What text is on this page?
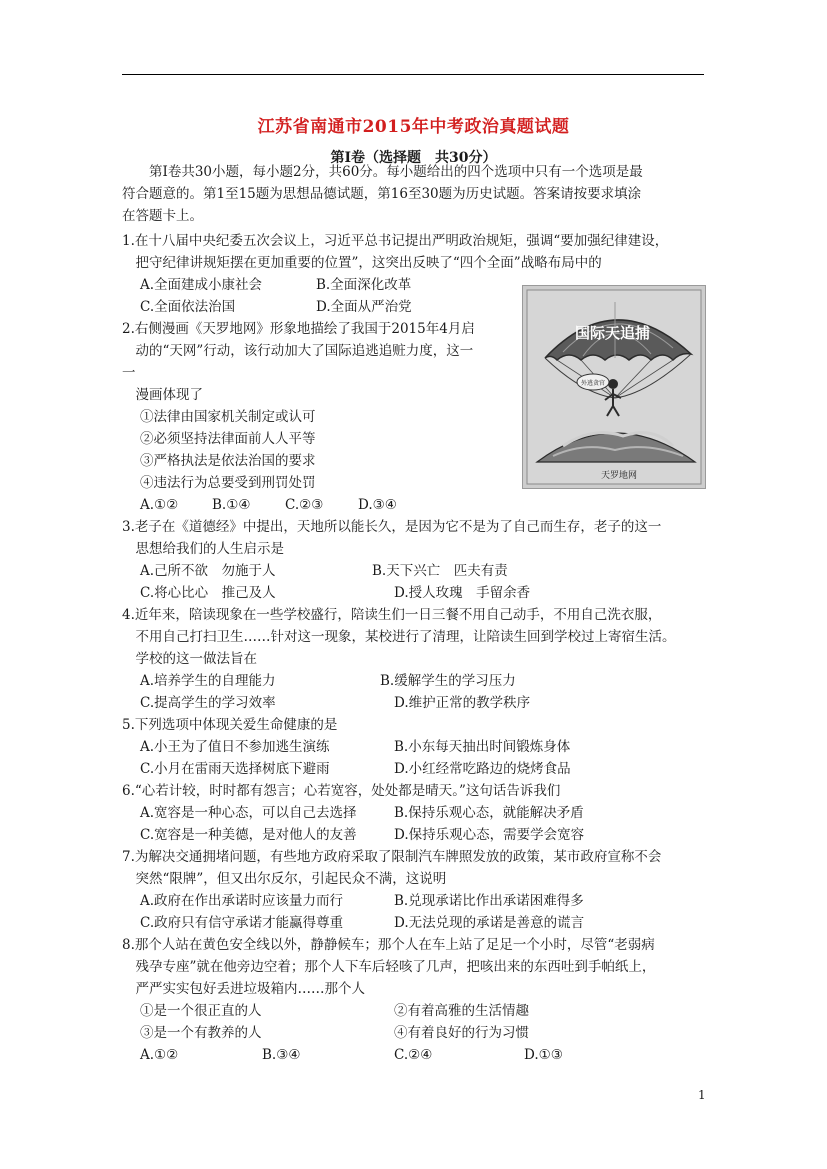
江苏省南通市2015年中考政治真题试题
第Ⅰ卷（选择题　共30分）
　　第Ⅰ卷共30小题，每小题2分，共60分。每小题给出的四个选项中只有一个选项是最
符合题意的。第1至15题为思想品德试题，第16至30题为历史试题。答案请按要求填涂
在答题卡上。
1.在十八届中央纪委五次会议上，习近平总书记提出严明政治规矩，强调“要加强纪律建设，
　把守纪律讲规矩摆在更加重要的位置”，这突出反映了“四个全面”战略布局中的
A.全面建成小康社会	B.全面深化改革
C.全面依法治国	D.全面从严治党
2.右侧漫画《天罗地网》形象地描绘了我国于2015年4月启
　动的“天网”行动，该行动加大了国际追逃追赃力度，这一
一
　漫画体现了
①法律由国家机关制定或认可
②必须坚持法律面前人人平等
③严格执法是依法治国的要求
④违法行为总要受到刑罚处罚
A.①②	B.①④	C.②③	D.③④
国际天追捕
外逃贪官
天罗地网
3.老子在《道德经》中提出，天地所以能长久，是因为它不是为了自己而生存，老子的这一
　思想给我们的人生启示是
A.己所不欲　勿施于人	B.天下兴亡　匹夫有责
C.将心比心　推己及人	D.授人玫瑰　手留余香
4.近年来，陪读现象在一些学校盛行，陪读生们一日三餐不用自己动手，不用自己洗衣服，
　不用自己打扫卫生……针对这一现象，某校进行了清理，让陪读生回到学校过上寄宿生活。
　学校的这一做法旨在
A.培养学生的自理能力	B.缓解学生的学习压力
C.提高学生的学习效率	D.维护正常的教学秩序
5.下列选项中体现关爱生命健康的是
A.小王为了值日不参加逃生演练	B.小东每天抽出时间锻炼身体
C.小月在雷雨天选择树底下避雨	D.小红经常吃路边的烧烤食品
6.“心若计较，时时都有怨言；心若宽容，处处都是晴天。”这句话告诉我们
A.宽容是一种心态，可以自己去选择	B.保持乐观心态，就能解决矛盾
C.宽容是一种美德，是对他人的友善	D.保持乐观心态，需要学会宽容
7.为解决交通拥堵问题，有些地方政府采取了限制汽车牌照发放的政策，某市政府宣称不会
　突然“限牌”，但又出尔反尔，引起民众不满，这说明
A.政府在作出承诺时应该量力而行	B.兑现承诺比作出承诺困难得多
C.政府只有信守承诺才能赢得尊重	D.无法兑现的承诺是善意的谎言
8.那个人站在黄色安全线以外，静静候车；那个人在车上站了足足一个小时，尽管“老弱病
　残孕专座”就在他旁边空着；那个人下车后轻咳了几声，把咳出来的东西吐到手帕纸上，
　严严实实包好丢进垃圾箱内……那个人
①是一个很正直的人	②有着高雅的生活情趣
③是一个有教养的人	④有着良好的行为习惯
A.①②	B.③④	C.②④	D.①③
1
